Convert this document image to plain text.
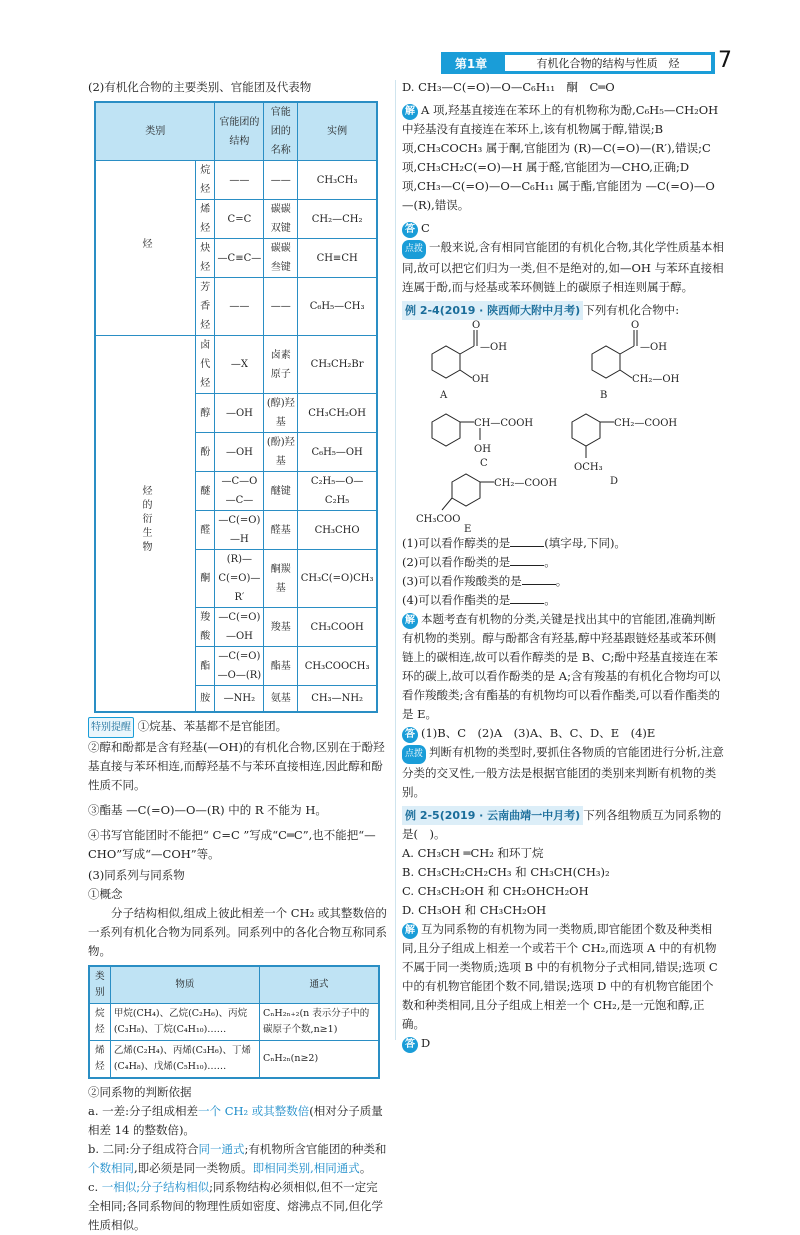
第1章	有机化合物的结构与性质　烃	7

(2)有机化合物的主要类别、官能团及代表物

类别		官能团的结构	官能团的名称	实例
烃	烷烃	——	——	CH₃CH₃
	烯烃	C=C	碳碳双键	CH₂—CH₂
	炔烃	—C≡C—	碳碳叁键	CH≡CH
	芳香烃	——	——	C₆H₅—CH₃
烃的衍生物	卤代烃	—X	卤素原子	CH₃CH₂Br
	醇	—OH	(醇)羟基	CH₃CH₂OH
	酚	—OH	(酚)羟基	C₆H₅—OH
	醚	—C—O—C—	醚键	C₂H₅—O—C₂H₅
	醛	—C(=O)—H	醛基	CH₃CHO
	酮	(R)—C(=O)—R′	酮羰基	CH₃C(=O)CH₃
	羧酸	—C(=O)—OH	羧基	CH₃COOH
	酯	—C(=O)—O—(R)	酯基	CH₃COOCH₃
	胺	—NH₂	氨基	CH₃—NH₂

特别提醒 ①烷基、苯基都不是官能团。

②醇和酚都是含有羟基(—OH)的有机化合物,区别在于酚羟基直接与苯环相连,而醇羟基不与苯环直接相连,因此醇和酚性质不同。

③酯基 —C(=O)—O—(R) 中的 R 不能为 H。

④书写官能团时不能把“ C=C ”写成“C═C”,也不能把“—CHO”写成“—COH”等。

(3)同系列与同系物

①概念

分子结构相似,组成上彼此相差一个 CH₂ 或其整数倍的一系列有机化合物为同系列。同系列中的各化合物互称同系物。

类别	物质	通式
烷烃	甲烷(CH₄)、乙烷(C₂H₆)、丙烷(C₃H₈)、丁烷(C₄H₁₀)……	CₙH₂ₙ₊₂(n 表示分子中的碳原子个数,n≥1)
烯烃	乙烯(C₂H₄)、丙烯(C₃H₆)、丁烯(C₄H₈)、戊烯(C₅H₁₀)……	CₙH₂ₙ(n≥2)

②同系物的判断依据

a. 一差:分子组成相差一个 CH₂ 或其整数倍(相对分子质量相差 14 的整数倍)。

b. 二同:分子组成符合同一通式;有机物所含官能团的种类和个数相同,即必须是同一类物质。即相同类别,相同通式。

c. 一相似;分子结构相似;同系物结构必须相似,但不一定完全相同;各同系物间的物理性质如密度、熔沸点不同,但化学性质相似。

D. CH₃—C(=O)—O—C₆H₁₁　酮　C═O

解 A 项,羟基直接连在苯环上的有机物称为酚,C₆H₅—CH₂OH 中羟基没有直接连在苯环上,该有机物属于醇,错误;B 项,CH₃COCH₃ 属于酮,官能团为 (R)—C(=O)—(R′),错误;C 项,CH₃CH₂C(=O)—H 属于醛,官能团为—CHO,正确;D 项,CH₃—C(=O)—O—C₆H₁₁ 属于酯,官能团为 —C(=O)—O—(R),错误。

答 C

点拨 一般来说,含有相同官能团的有机化合物,其化学性质基本相同,故可以把它们归为一类,但不是绝对的,如—OH 与苯环直接相连属于酚,而与烃基或苯环侧链上的碳原子相连则属于醇。

例 2-4(2019 · 陕西师大附中月考) 下列有机化合物中:

O
—OH
OH
O
—OH
CH₂—OH
CH—COOH
OH
CH₂—COOH
OCH₃
CH₂—COOH
CH₃COO
A	B
C
D
E

(1)可以看作醇类的是	(填字母,下同)。

(2)可以看作酚类的是	。

(3)可以看作羧酸类的是	。

(4)可以看作酯类的是	。

解 本题考查有机物的分类,关键是找出其中的官能团,准确判断有机物的类别。醇与酚都含有羟基,醇中羟基跟链烃基或苯环侧链上的碳相连,故可以看作醇类的是 B、C;酚中羟基直接连在苯环的碳上,故可以看作酚类的是 A;含有羧基的有机化合物均可以看作羧酸类;含有酯基的有机物均可以看作酯类,可以看作酯类的是 E。

答 (1)B、C　(2)A　(3)A、B、C、D、E　(4)E

点拨 判断有机物的类型时,要抓住各物质的官能团进行分析,注意分类的交叉性,一般方法是根据官能团的类别来判断有机物的类别。

例 2-5(2019 · 云南曲靖一中月考) 下列各组物质互为同系物的是(　)。

A. CH₃CH ═CH₂ 和环丁烷

B. CH₃CH₂CH₂CH₃ 和 CH₃CH(CH₃)₂

C. CH₃CH₂OH 和 CH₂OHCH₂OH

D. CH₃OH 和 CH₃CH₂OH

解 互为同系物的有机物为同一类物质,即官能团个数及种类相同,且分子组成上相差一个或若干个 CH₂,而选项 A 中的有机物不属于同一类物质;选项 B 中的有机物分子式相同,错误;选项 C 中的有机物官能团个数不同,错误;选项 D 中的有机物官能团个数和种类相同,且分子组成上相差一个 CH₂,是一元饱和醇,正确。

答 D
